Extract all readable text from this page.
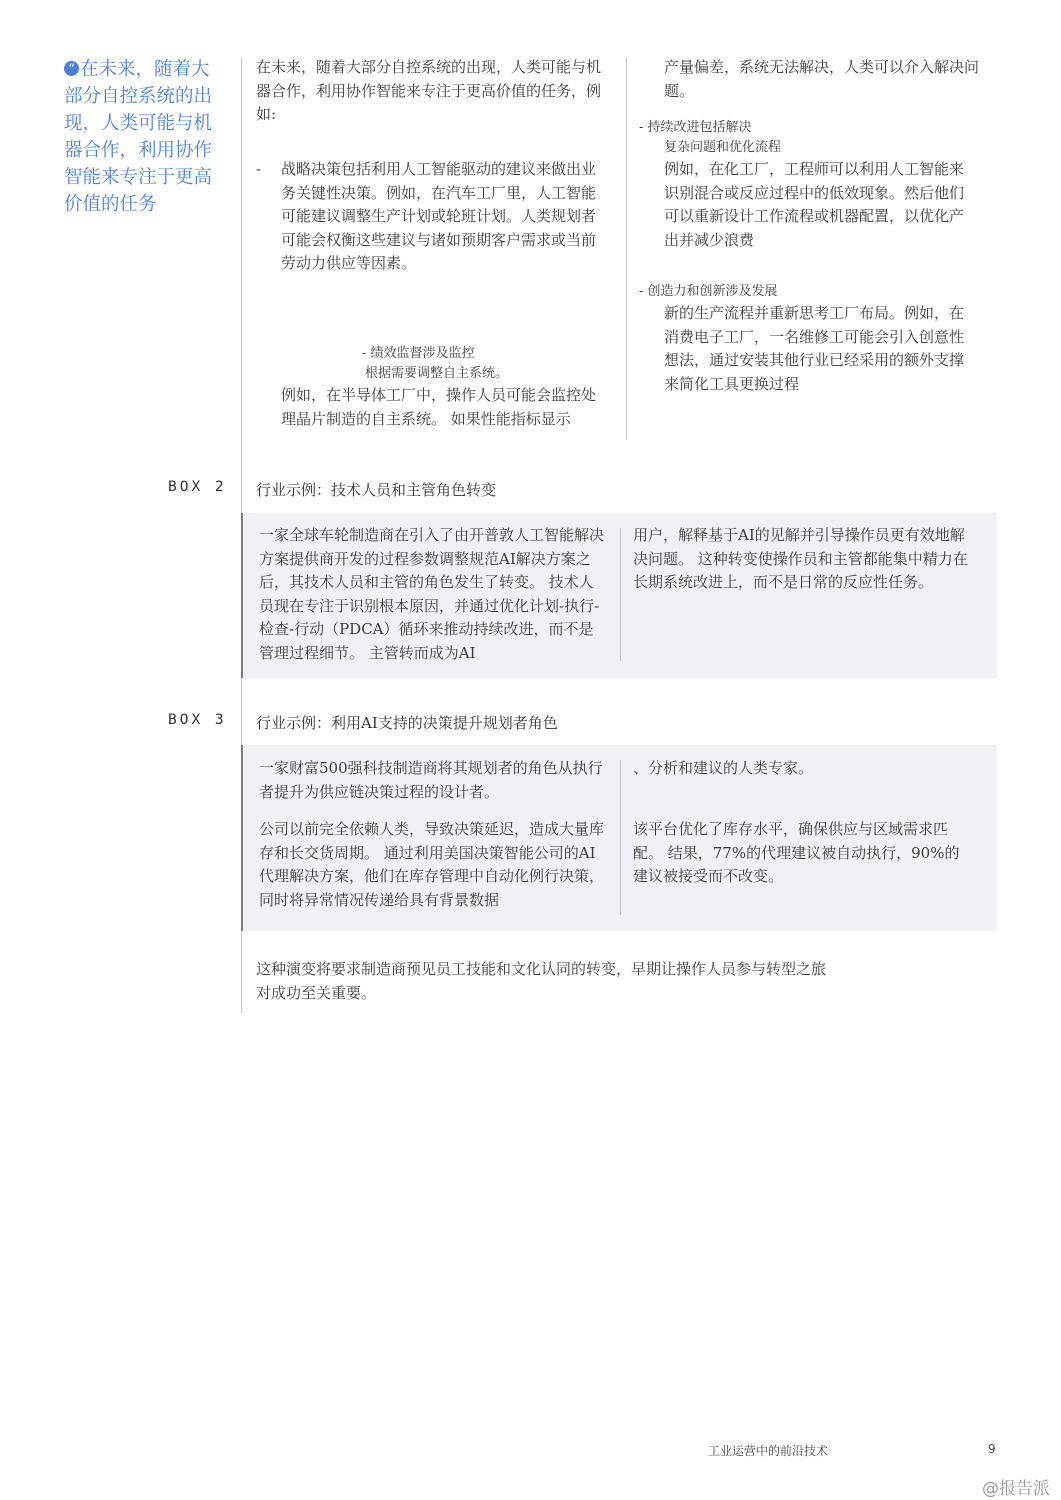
“ 在未来，随着大部分自控系统的出现，人类可能与机器合作，利用协作智能来专注于更高价值的任务
在未来，随着大部分自控系统的出现，人类可能与机器合作，利用协作智能来专注于更高价值的任务，例如:
- 战略决策包括利用人工智能驱动的建议来做出业务关键性决策。例如，在汽车工厂里，人工智能可能建议调整生产计划或轮班计划。人类规划者可能会权衡这些建议与诸如预期客户需求或当前劳动力供应等因素。
- 绩效监督涉及监控
根据需要调整自主系统。
例如，在半导体工厂中，操作人员可能会监控处理晶片制造的自主系统。 如果性能指标显示
产量偏差，系统无法解决，人类可以介入解决问题。
- 持续改进包括解决
复杂问题和优化流程
例如，在化工厂，工程师可以利用人工智能来识别混合或反应过程中的低效现象。然后他们可以重新设计工作流程或机器配置，以优化产出并减少浪费
- 创造力和创新涉及发展
新的生产流程并重新思考工厂布局。例如，在消费电子工厂，一名维修工可能会引入创意性想法，通过安装其他行业已经采用的额外支撑来简化工具更换过程
BOX 2 行业示例：技术人员和主管角色转变
一家全球车轮制造商在引入了由开普敦人工智能解决方案提供商开发的过程参数调整规范AI解决方案之后，其技术人员和主管的角色发生了转变。 技术人员现在专注于识别根本原因，并通过优化计划-执行-检查-行动（PDCA）循环来推动持续改进，而不是管理过程细节。 主管转而成为AI
用户，解释基于AI的见解并引导操作员更有效地解决问题。 这种转变使操作员和主管都能集中精力在长期系统改进上，而不是日常的反应性任务。
BOX 3 行业示例：利用AI支持的决策提升规划者角色
一家财富500强科技制造商将其规划者的角色从执行者提升为供应链决策过程的设计者。
公司以前完全依赖人类，导致决策延迟，造成大量库存和长交货周期。 通过利用美国决策智能公司的AI代理解决方案，他们在库存管理中自动化例行决策，同时将异常情况传递给具有背景数据
、分析和建议的人类专家。
该平台优化了库存水平，确保供应与区域需求匹配。 结果，77%的代理建议被自动执行，90%的建议被接受而不改变。
这种演变将要求制造商预见员工技能和文化认同的转变，早期让操作人员参与转型之旅对成功至关重要。
工业运营中的前沿技术	9
@报告派
